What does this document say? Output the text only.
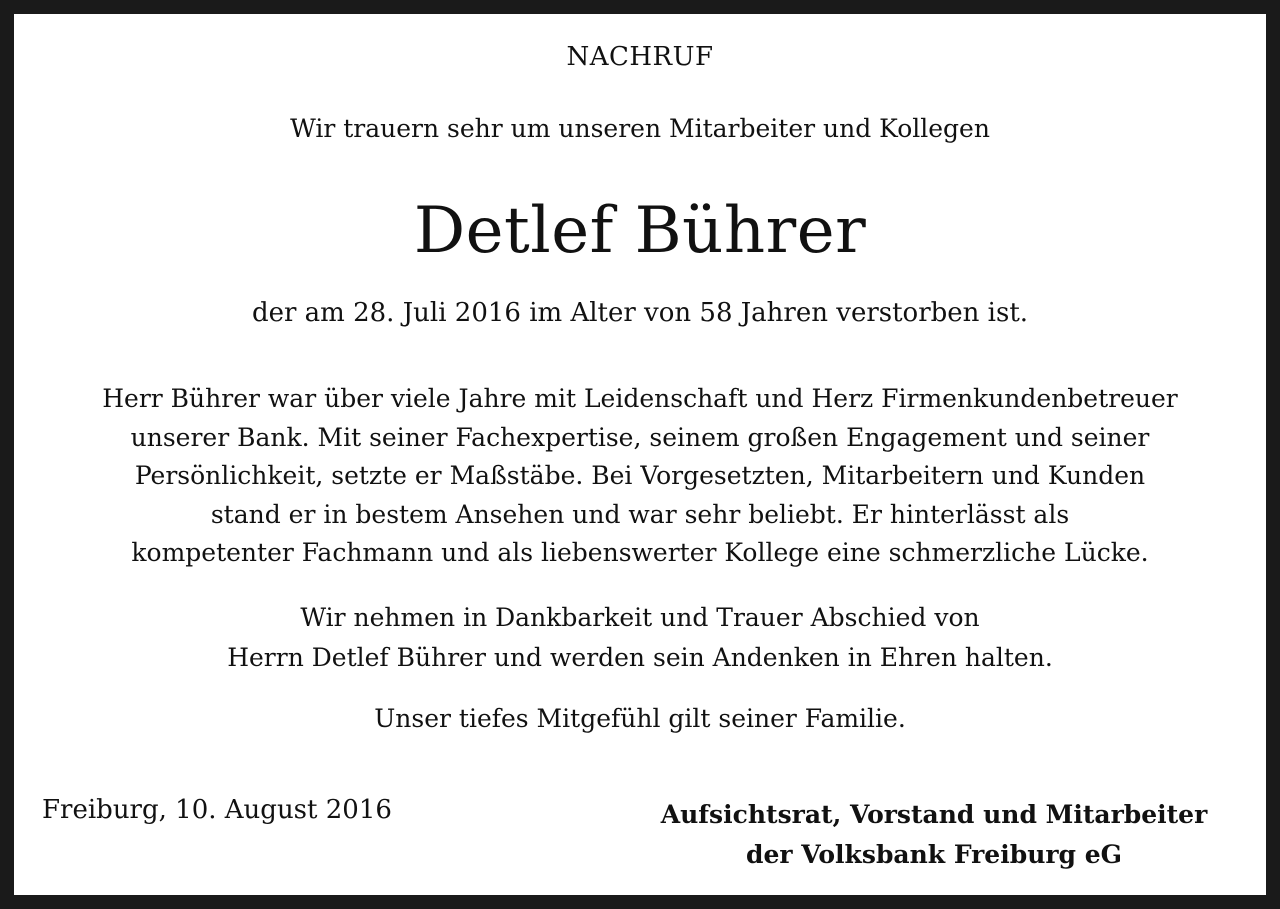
NACHRUF
Wir trauern sehr um unseren Mitarbeiter und Kollegen
Detlef Bührer
der am 28. Juli 2016 im Alter von 58 Jahren verstorben ist.
Herr Bührer war über viele Jahre mit Leidenschaft und Herz Firmenkundenbetreuer
unserer Bank. Mit seiner Fachexpertise, seinem großen Engagement und seiner
Persönlichkeit, setzte er Maßstäbe. Bei Vorgesetzten, Mitarbeitern und Kunden
stand er in bestem Ansehen und war sehr beliebt. Er hinterlässt als
kompetenter Fachmann und als liebenswerter Kollege eine schmerzliche Lücke.
Wir nehmen in Dankbarkeit und Trauer Abschied von
Herrn Detlef Bührer und werden sein Andenken in Ehren halten.
Unser tiefes Mitgefühl gilt seiner Familie.
Freiburg, 10. August 2016	Aufsichtsrat, Vorstand und Mitarbeiter
der Volksbank Freiburg eG
